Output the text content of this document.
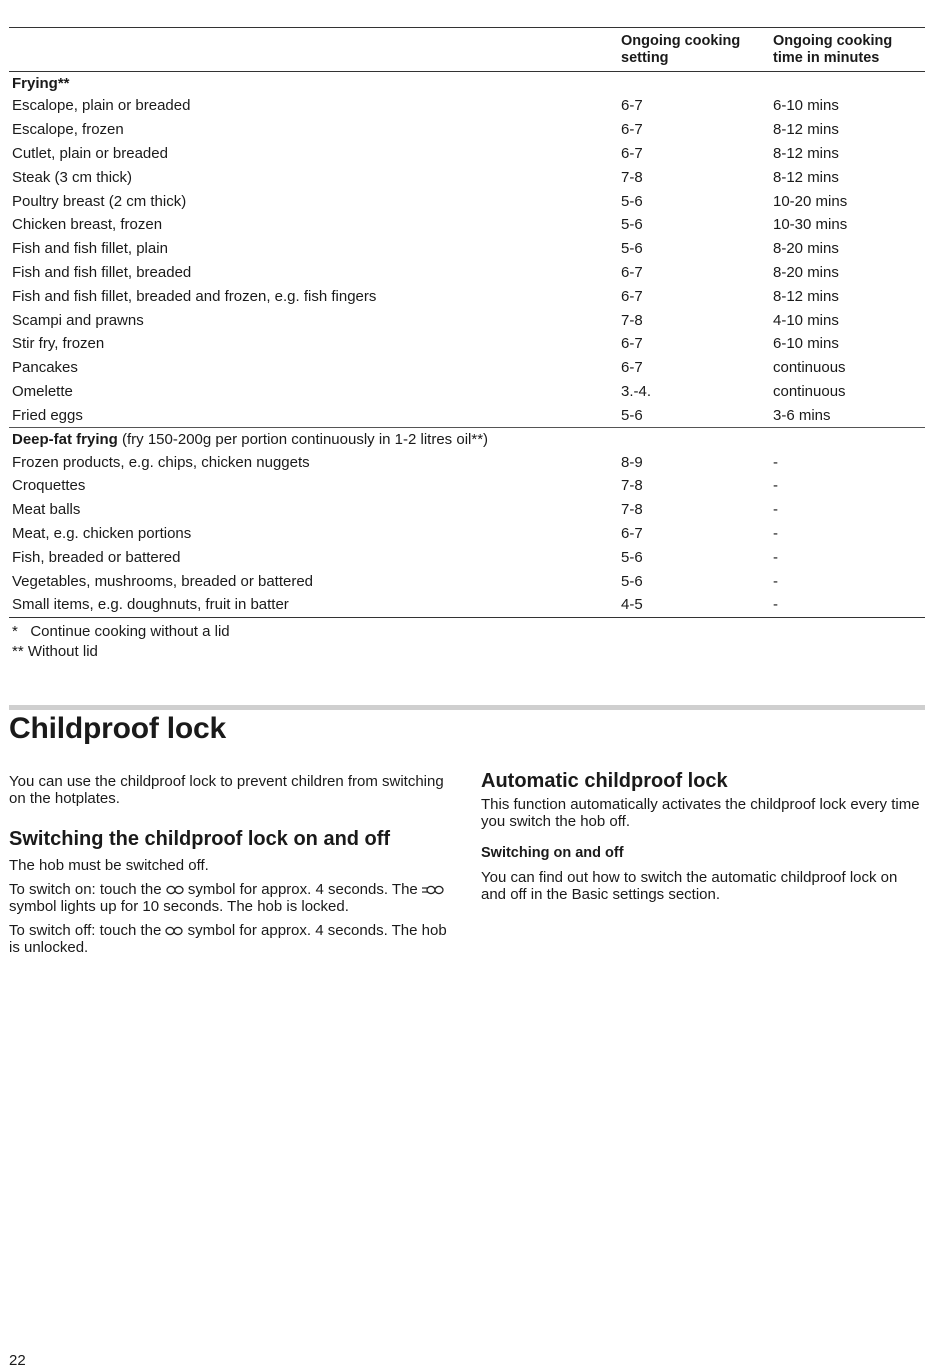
	Ongoing cooking setting	Ongoing cooking time in minutes
Frying**		
Escalope, plain or breaded	6-7	6-10 mins
Escalope, frozen	6-7	8-12 mins
Cutlet, plain or breaded	6-7	8-12 mins
Steak (3 cm thick)	7-8	8-12 mins
Poultry breast (2 cm thick)	5-6	10-20 mins
Chicken breast, frozen	5-6	10-30 mins
Fish and fish fillet, plain	5-6	8-20 mins
Fish and fish fillet, breaded	6-7	8-20 mins
Fish and fish fillet, breaded and frozen, e.g. fish fingers	6-7	8-12 mins
Scampi and prawns	7-8	4-10 mins
Stir fry, frozen	6-7	6-10 mins
Pancakes	6-7	continuous
Omelette	3.-4.	continuous
Fried eggs	5-6	3-6 mins
Deep-fat frying (fry 150-200g per portion continuously in 1-2 litres oil**)		
Frozen products, e.g. chips, chicken nuggets	8-9	-
Croquettes	7-8	-
Meat balls	7-8	-
Meat, e.g. chicken portions	6-7	-
Fish, breaded or battered	5-6	-
Vegetables, mushrooms, breaded or battered	5-6	-
Small items, e.g. doughnuts, fruit in batter	4-5	-
*   Continue cooking without a lid
** Without lid
Childproof lock

You can use the childproof lock to prevent children from switching on the hotplates.

Switching the childproof lock on and off

The hob must be switched off.

To switch on: touch the  symbol for approx. 4 seconds. The  symbol lights up for 10 seconds. The hob is locked.

To switch off: touch the  symbol for approx. 4 seconds. The hob is unlocked.

Automatic childproof lock

This function automatically activates the childproof lock every time you switch the hob off.

Switching on and off

You can find out how to switch the automatic childproof lock on and off in the Basic settings section.

22
